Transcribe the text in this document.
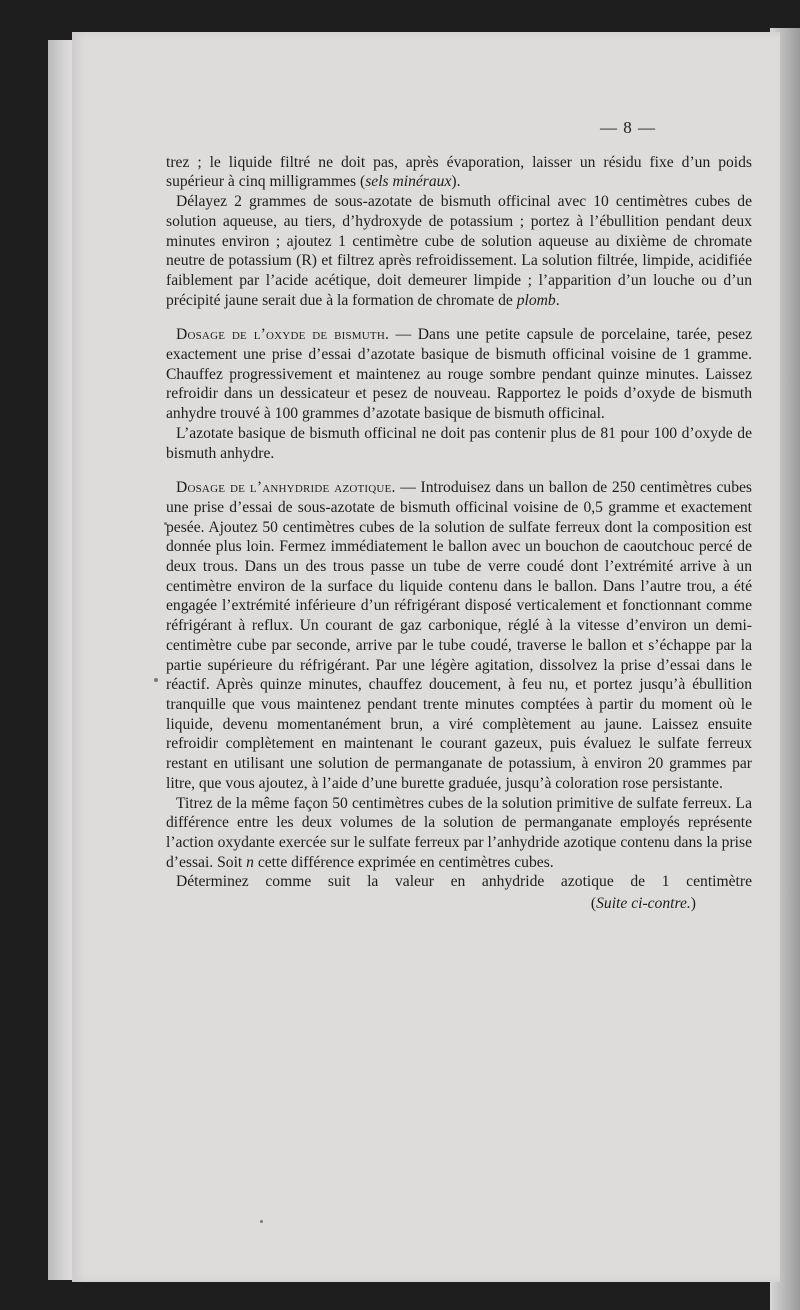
— 8 —

trez ; le liquide filtré ne doit pas, après évaporation, laisser un résidu fixe d’un poids supérieur à cinq milligrammes (sels minéraux).

Délayez 2 grammes de sous-azotate de bismuth officinal avec 10 centimètres cubes de solution aqueuse, au tiers, d’hydroxyde de potassium ; portez à l’ébullition pendant deux minutes environ ; ajoutez 1 centimètre cube de solution aqueuse au dixième de chromate neutre de potassium (R) et filtrez après refroidissement. La solution filtrée, limpide, acidifiée faiblement par l’acide acétique, doit demeurer limpide ; l’apparition d’un louche ou d’un précipité jaune serait due à la formation de chromate de plomb.

Dosage de l’oxyde de bismuth. — Dans une petite capsule de porcelaine, tarée, pesez exactement une prise d’essai d’azotate basique de bismuth officinal voisine de 1 gramme. Chauffez progressivement et maintenez au rouge sombre pendant quinze minutes. Laissez refroidir dans un dessicateur et pesez de nouveau. Rapportez le poids d’oxyde de bismuth anhydre trouvé à 100 grammes d’azotate basique de bismuth officinal.

L’azotate basique de bismuth officinal ne doit pas contenir plus de 81 pour 100 d’oxyde de bismuth anhydre.

Dosage de l’anhydride azotique. — Introduisez dans un ballon de 250 centimètres cubes une prise d’essai de sous-azotate de bismuth officinal voisine de 0,5 gramme et exactement pesée. Ajoutez 50 centimètres cubes de la solution de sulfate ferreux dont la composition est donnée plus loin. Fermez immédiatement le ballon avec un bouchon de caoutchouc percé de deux trous. Dans un des trous passe un tube de verre coudé dont l’extrémité arrive à un centimètre environ de la surface du liquide contenu dans le ballon. Dans l’autre trou, a été engagée l’extrémité inférieure d’un réfrigérant disposé verticalement et fonctionnant comme réfrigérant à reflux. Un courant de gaz carbonique, réglé à la vitesse d’environ un demi-centimètre cube par seconde, arrive par le tube coudé, traverse le ballon et s’échappe par la partie supérieure du réfrigérant. Par une légère agitation, dissolvez la prise d’essai dans le réactif. Après quinze minutes, chauffez doucement, à feu nu, et portez jusqu’à ébullition tranquille que vous maintenez pendant trente minutes comptées à partir du moment où le liquide, devenu momentanément brun, a viré complètement au jaune. Laissez ensuite refroidir complètement en maintenant le courant gazeux, puis évaluez le sulfate ferreux restant en utilisant une solution de permanganate de potassium, à environ 20 grammes par litre, que vous ajoutez, à l’aide d’une burette graduée, jusqu’à coloration rose persistante.

Titrez de la même façon 50 centimètres cubes de la solution primitive de sulfate ferreux. La différence entre les deux volumes de la solution de permanganate employés représente l’action oxydante exercée sur le sulfate ferreux par l’anhydride azotique contenu dans la prise d’essai. Soit n cette différence exprimée en centimètres cubes.

Déterminez comme suit la valeur en anhydride azotique de 1 centimètre

(Suite ci-contre.)
